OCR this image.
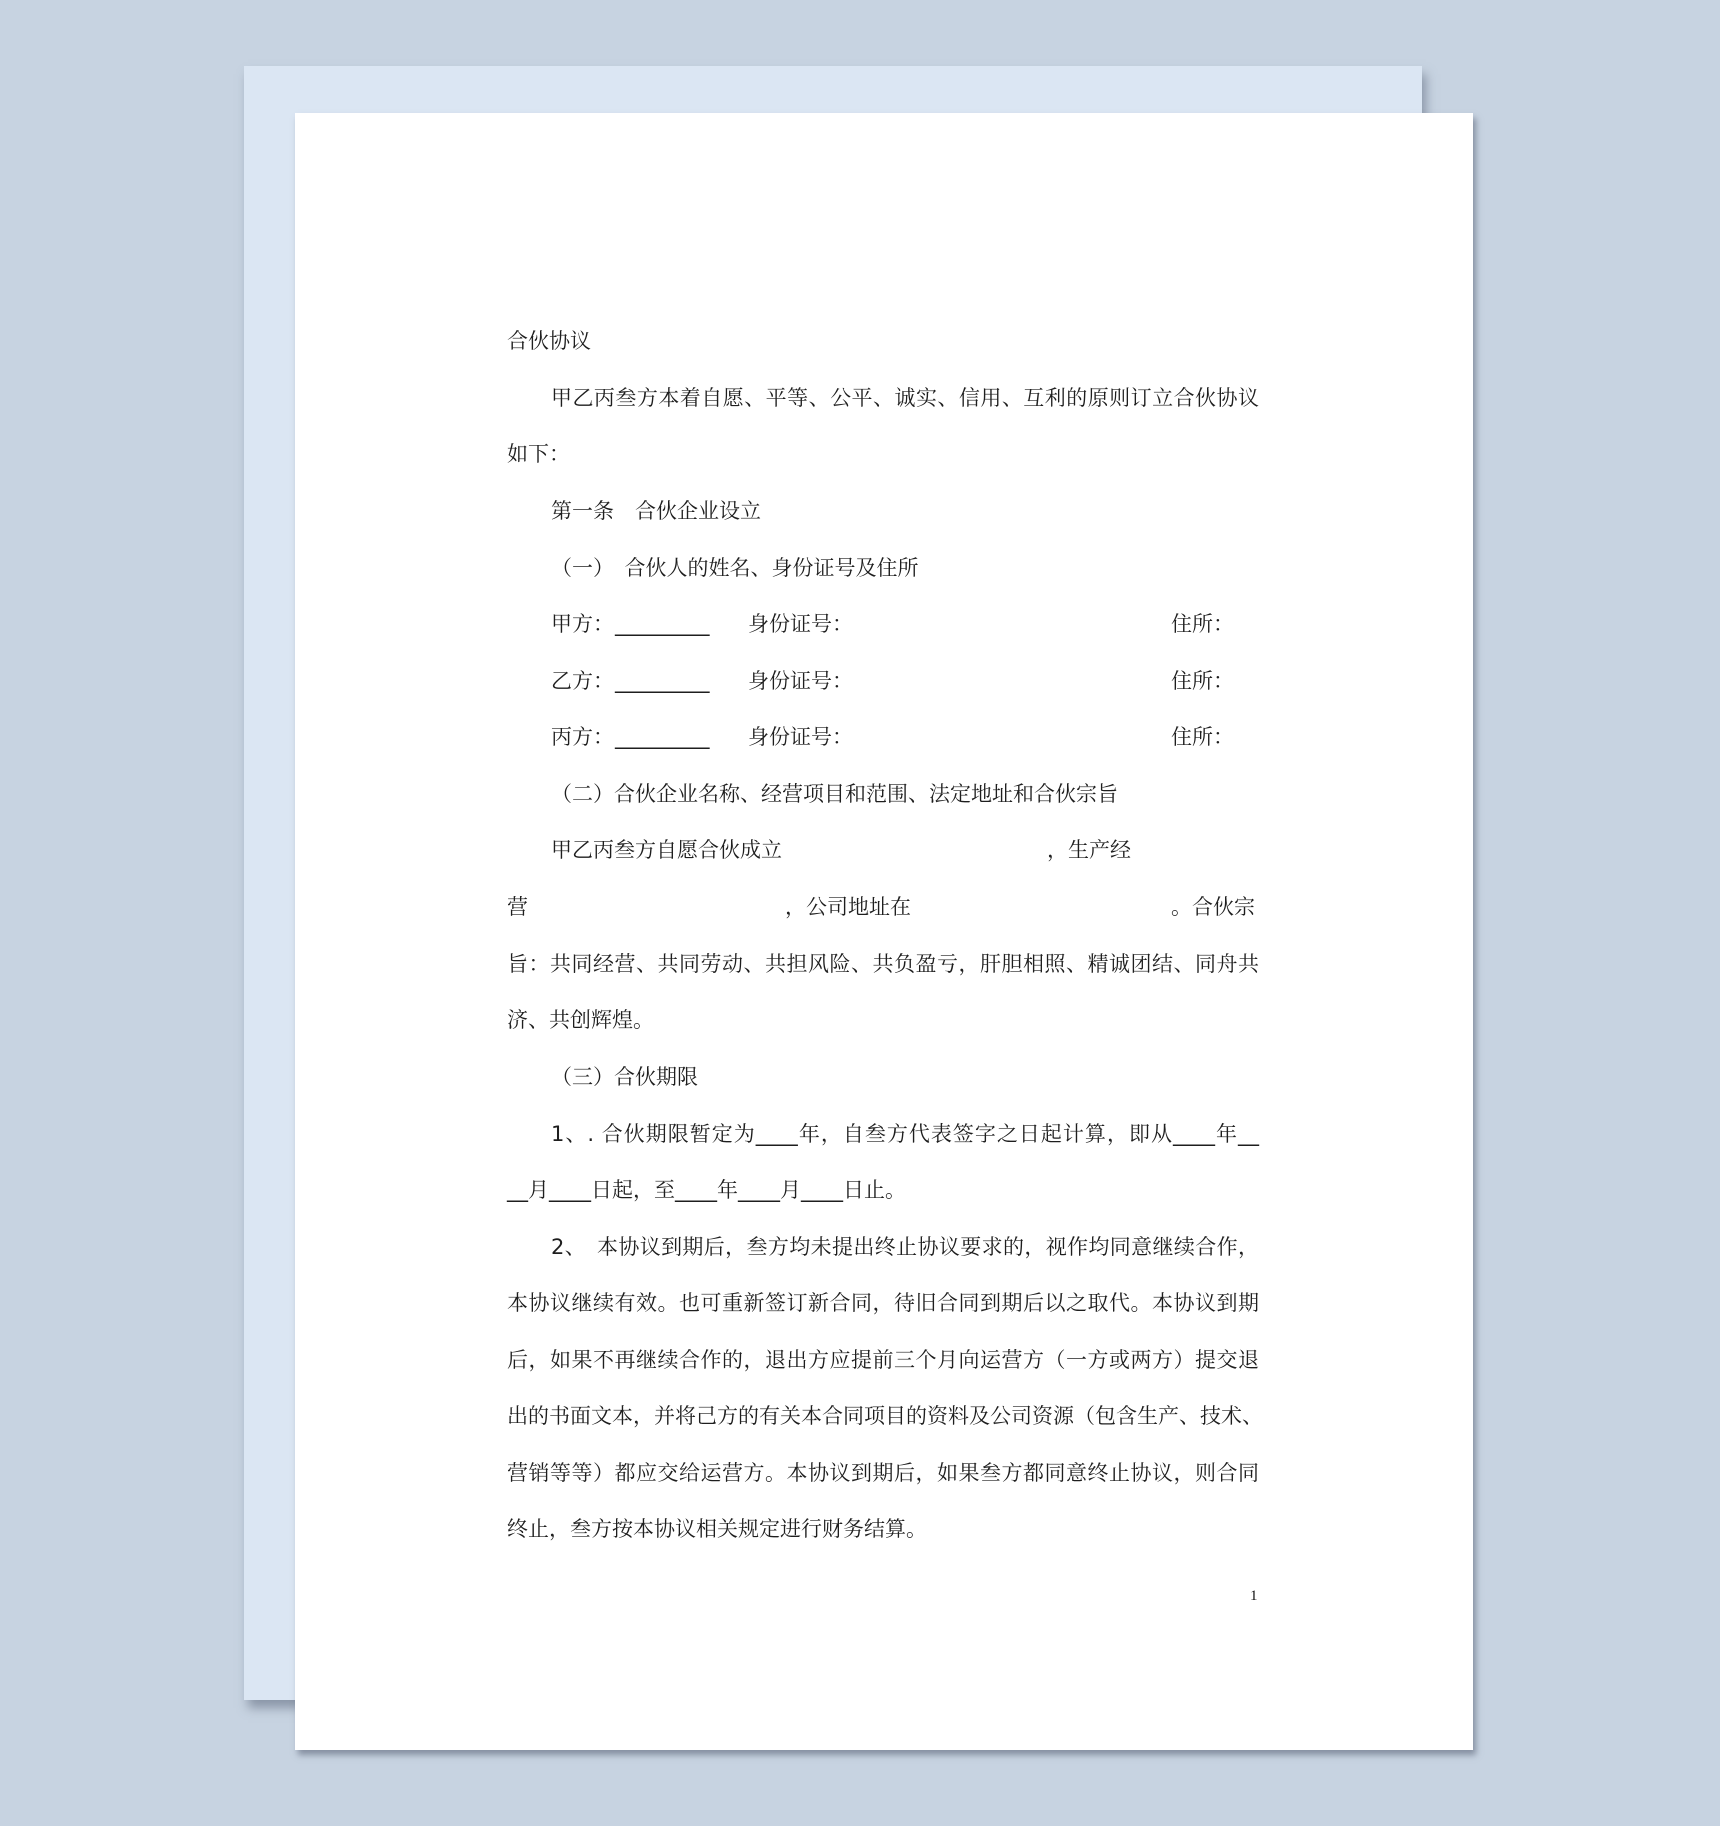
合伙协议
甲乙丙叁方本着自愿、平等、公平、诚实、信用、互利的原则订立合伙协议
如下：
第一条　合伙企业设立
（一）　合伙人的姓名、身份证号及住所
甲方： _________ 身份证号：	住所：
乙方： _________ 身份证号：	住所：
丙方： _________ 身份证号：	住所：
（二）合伙企业名称、经营项目和范围、法定地址和合伙宗旨
甲乙丙叁方自愿合伙成立	，生产经
营	，公司地址在	。合伙宗
旨：共同经营、共同劳动、共担风险、共负盈亏，肝胆相照、精诚团结、同舟共
济、共创辉煌。
（三）合伙期限
1、. 合伙期限暂定为____年，自叁方代表签字之日起计算，即从____年__
__月____日起，至____年____月____日止。
2、　本协议到期后，叁方均未提出终止协议要求的，视作均同意继续合作，
本协议继续有效。也可重新签订新合同，待旧合同到期后以之取代。本协议到期
后，如果不再继续合作的，退出方应提前三个月向运营方（一方或两方）提交退
出的书面文本，并将己方的有关本合同项目的资料及公司资源（包含生产、技术、
营销等等）都应交给运营方。本协议到期后，如果叁方都同意终止协议，则合同
终止，叁方按本协议相关规定进行财务结算。
1
